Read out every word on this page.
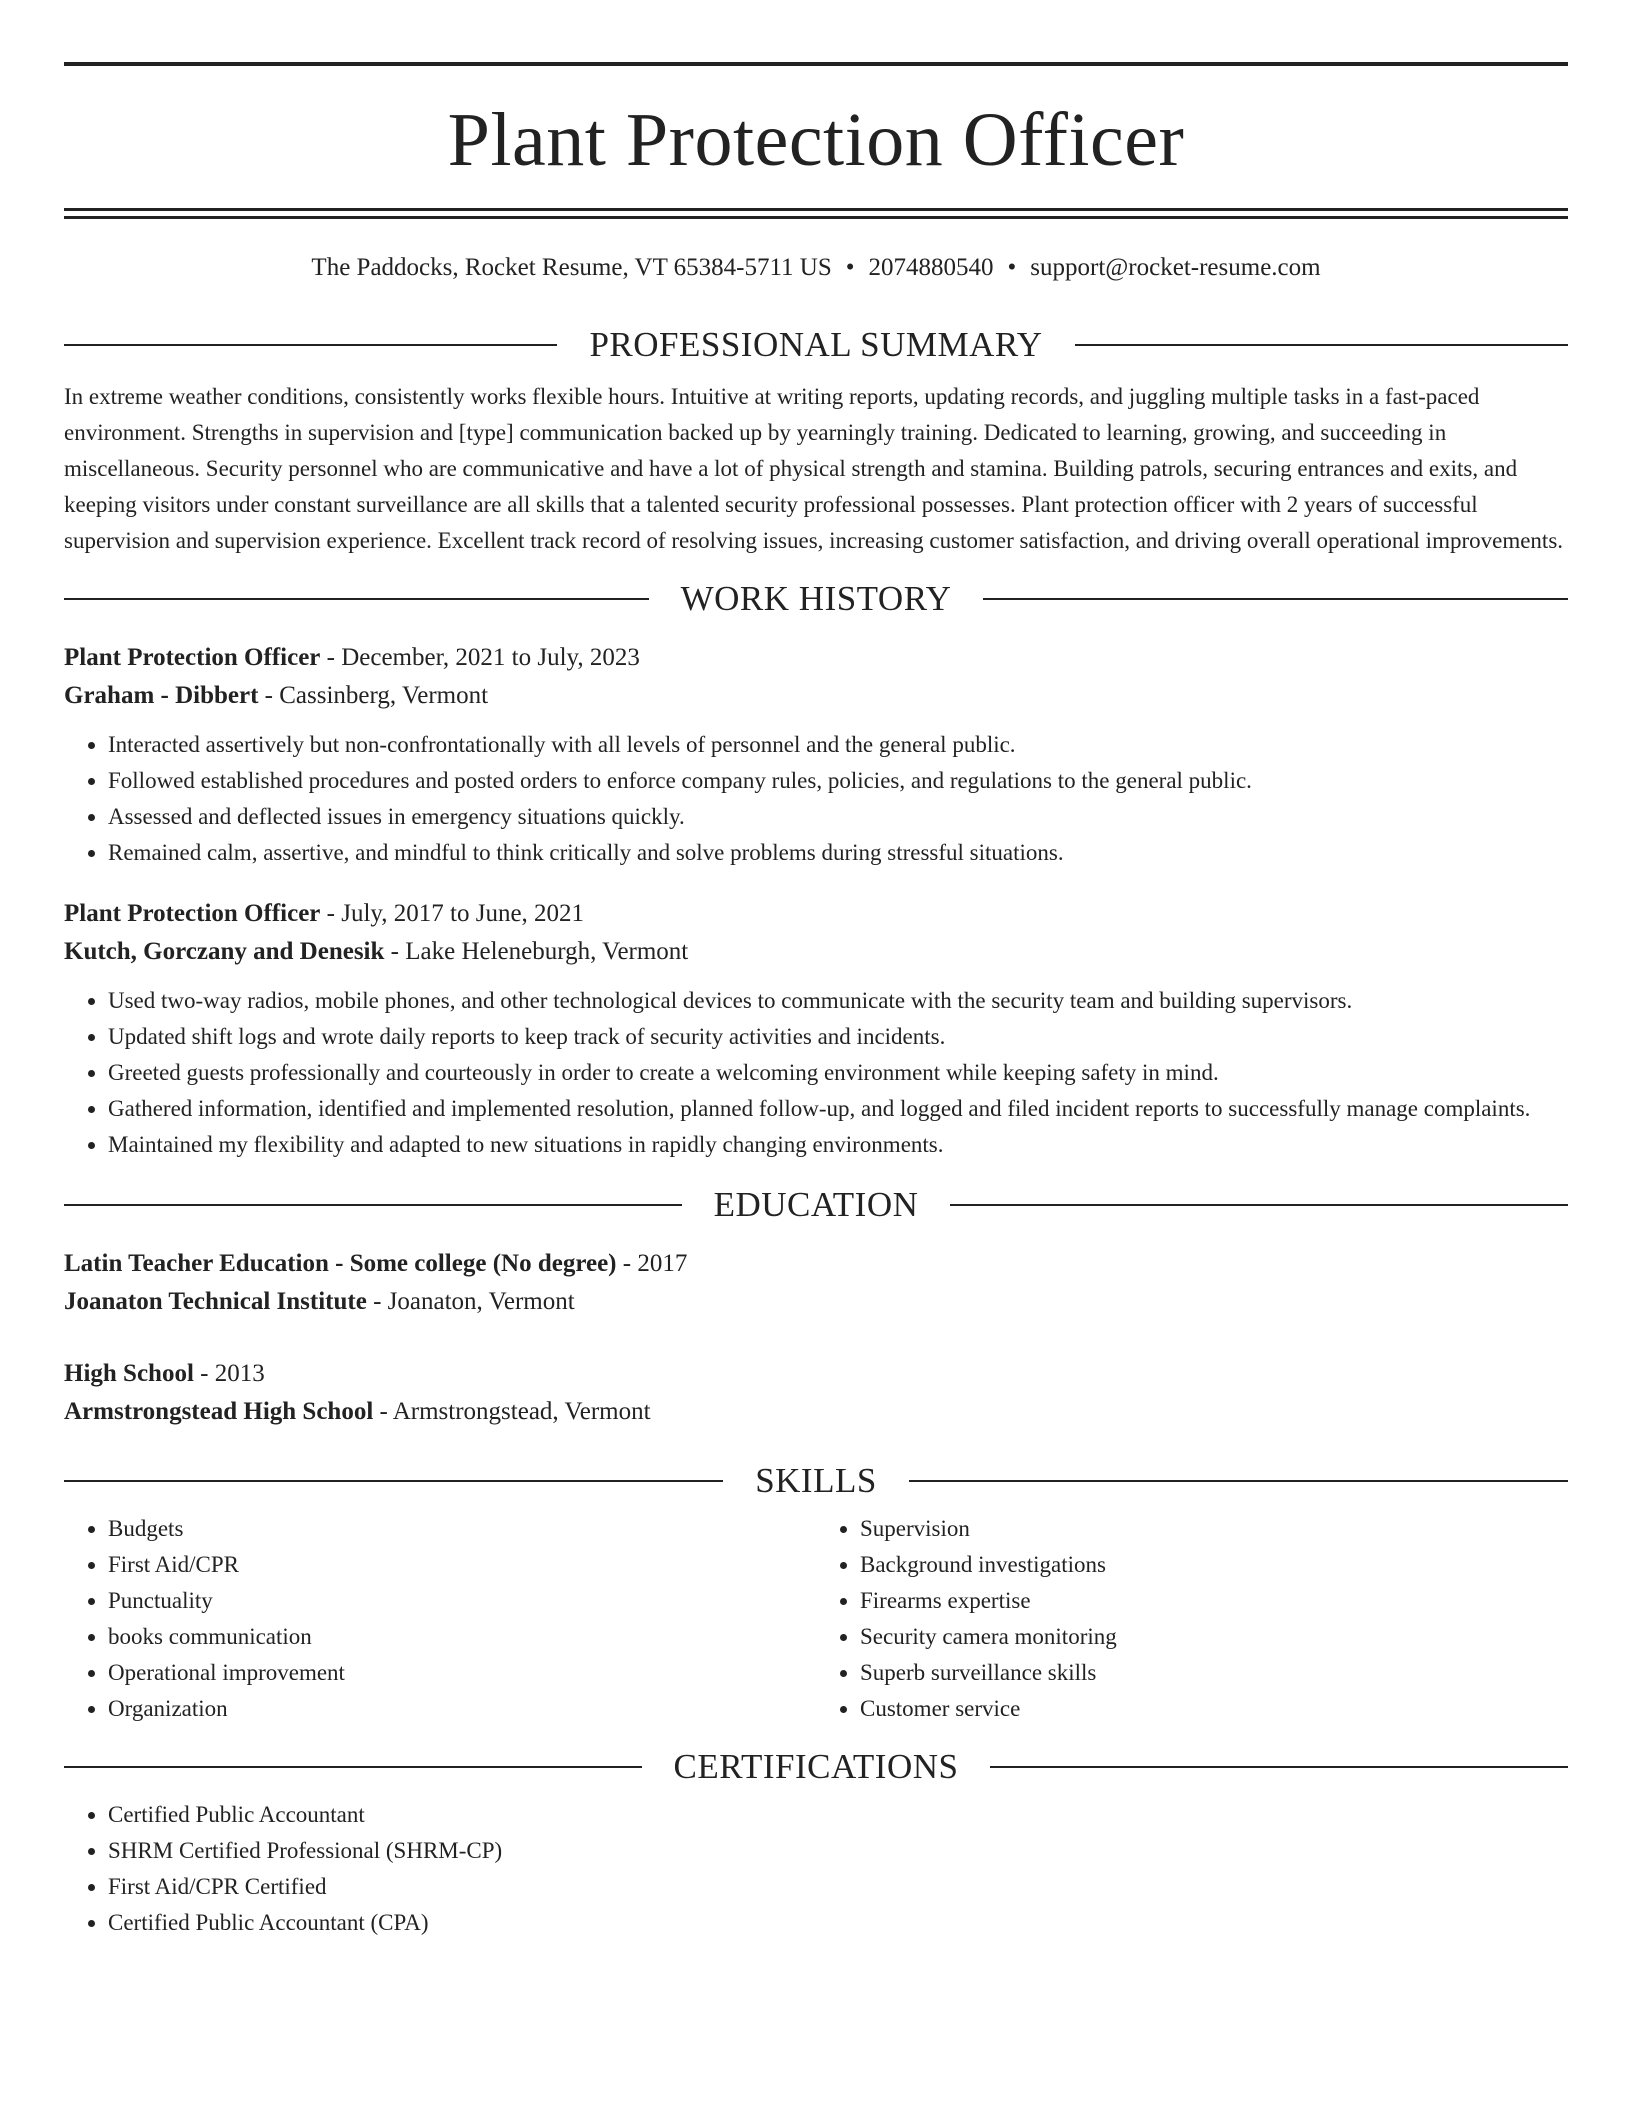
Plant Protection Officer
The Paddocks, Rocket Resume, VT 65384-5711 US • 2074880540 • support@rocket-resume.com
PROFESSIONAL SUMMARY

In extreme weather conditions, consistently works flexible hours. Intuitive at writing reports, updating records, and juggling multiple tasks in a fast-paced environment. Strengths in supervision and [type] communication backed up by yearningly training. Dedicated to learning, growing, and succeeding in miscellaneous. Security personnel who are communicative and have a lot of physical strength and stamina. Building patrols, securing entrances and exits, and keeping visitors under constant surveillance are all skills that a talented security professional possesses. Plant protection officer with 2 years of successful supervision and supervision experience. Excellent track record of resolving issues, increasing customer satisfaction, and driving overall operational improvements.

WORK HISTORY
Plant Protection Officer - December, 2021 to July, 2023
Graham - Dibbert - Cassinberg, Vermont
• Interacted assertively but non-confrontationally with all levels of personnel and the general public.
• Followed established procedures and posted orders to enforce company rules, policies, and regulations to the general public.
• Assessed and deflected issues in emergency situations quickly.
• Remained calm, assertive, and mindful to think critically and solve problems during stressful situations.
Plant Protection Officer - July, 2017 to June, 2021
Kutch, Gorczany and Denesik - Lake Heleneburgh, Vermont
• Used two-way radios, mobile phones, and other technological devices to communicate with the security team and building supervisors.
• Updated shift logs and wrote daily reports to keep track of security activities and incidents.
• Greeted guests professionally and courteously in order to create a welcoming environment while keeping safety in mind.
• Gathered information, identified and implemented resolution, planned follow-up, and logged and filed incident reports to successfully manage complaints.
• Maintained my flexibility and adapted to new situations in rapidly changing environments.
EDUCATION
Latin Teacher Education - Some college (No degree) - 2017
Joanaton Technical Institute - Joanaton, Vermont
High School - 2013
Armstrongstead High School - Armstrongstead, Vermont
SKILLS
• Budgets
• First Aid/CPR
• Punctuality
• books communication
• Operational improvement
• Organization
• Supervision
• Background investigations
• Firearms expertise
• Security camera monitoring
• Superb surveillance skills
• Customer service
CERTIFICATIONS
• Certified Public Accountant
• SHRM Certified Professional (SHRM-CP)
• First Aid/CPR Certified
• Certified Public Accountant (CPA)
